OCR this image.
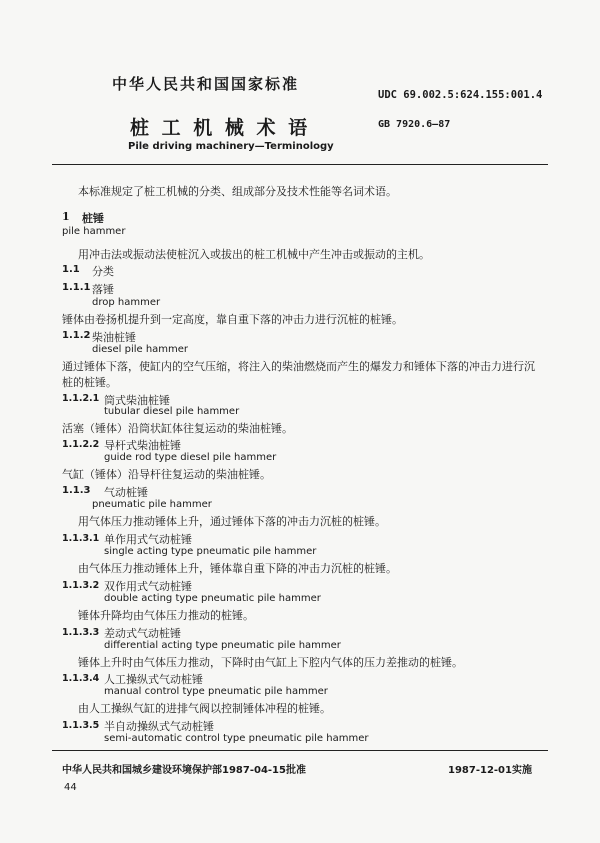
中华人民共和国国家标准
UDC 69.002.5:624.155:001.4
桩 工 机 械 术 语	GB 7920.6—87
Pile driving machinery—Terminology
本标准规定了桩工机械的分类、组成部分及技术性能等名词术语。
1 桩锤
pile hammer
用冲击法或振动法使桩沉入或拔出的桩工机械中产生冲击或振动的主机。
1.1 分类
1.1.1 落锤
drop hammer
锤体由卷扬机提升到一定高度，靠自重下落的冲击力进行沉桩的桩锤。
1.1.2 柴油桩锤
diesel pile hammer
通过锤体下落，使缸内的空气压缩，将注入的柴油燃烧而产生的爆发力和锤体下落的冲击力进行沉
桩的桩锤。
1.1.2.1 筒式柴油桩锤
tubular diesel pile hammer
活塞（锤体）沿筒状缸体往复运动的柴油桩锤。
1.1.2.2 导杆式柴油桩锤
guide rod type diesel pile hammer
气缸（锤体）沿导杆往复运动的柴油桩锤。
1.1.3 气动桩锤
pneumatic pile hammer
用气体压力推动锤体上升，通过锤体下落的冲击力沉桩的桩锤。
1.1.3.1 单作用式气动桩锤
single acting type pneumatic pile hammer
由气体压力推动锤体上升，锤体靠自重下降的冲击力沉桩的桩锤。
1.1.3.2 双作用式气动桩锤
double acting type pneumatic pile hammer
锤体升降均由气体压力推动的桩锤。
1.1.3.3 差动式气动桩锤
differential acting type pneumatic pile hammer
锤体上升时由气体压力推动，下降时由气缸上下腔内气体的压力差推动的桩锤。
1.1.3.4 人工操纵式气动桩锤
manual control type pneumatic pile hammer
由人工操纵气缸的进排气阀以控制锤体冲程的桩锤。
1.1.3.5 半自动操纵式气动桩锤
semi-automatic control type pneumatic pile hammer
中华人民共和国城乡建设环境保护部1987-04-15批准	1987-12-01实施
44
